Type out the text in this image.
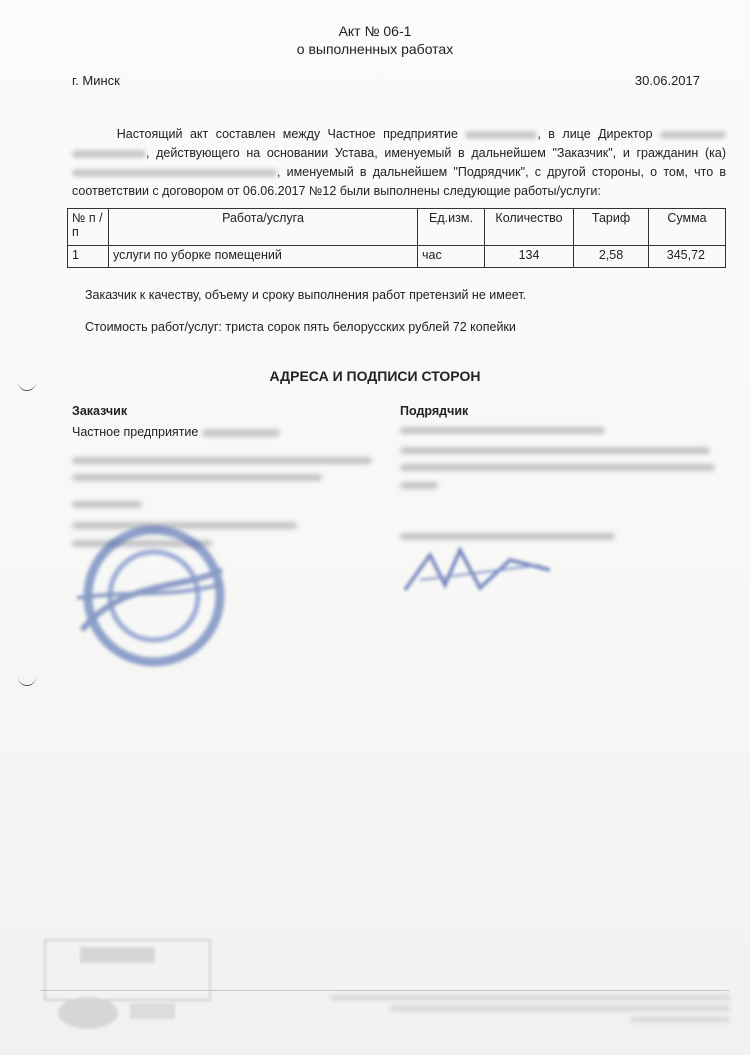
Акт № 06-1
о выполненных работах
г. Минск	30.06.2017
Настоящий акт составлен между Частное предприятие	, в лице Директор  , действующего на основании Устава, именуемый в дальнейшем "Заказчик", и гражданин (ка) , именуемый в дальнейшем "Подрядчик", с другой стороны, о том, что в соответствии с договором от 06.06.2017 №12 были выполнены следующие работы/услуги:
№ п /п	Работа/услуга	Ед.изм.	Количество	Тариф	Сумма
1	услуги по уборке помещений	час	134	2,58	345,72
Заказчик к качеству, объему и сроку выполнения работ претензий не имеет.
Стоимость работ/услуг: триста сорок пять белорусских рублей 72 копейки
АДРЕСА И ПОДПИСИ СТОРОН
Заказчик	Подрядчик
Частное предприятие
